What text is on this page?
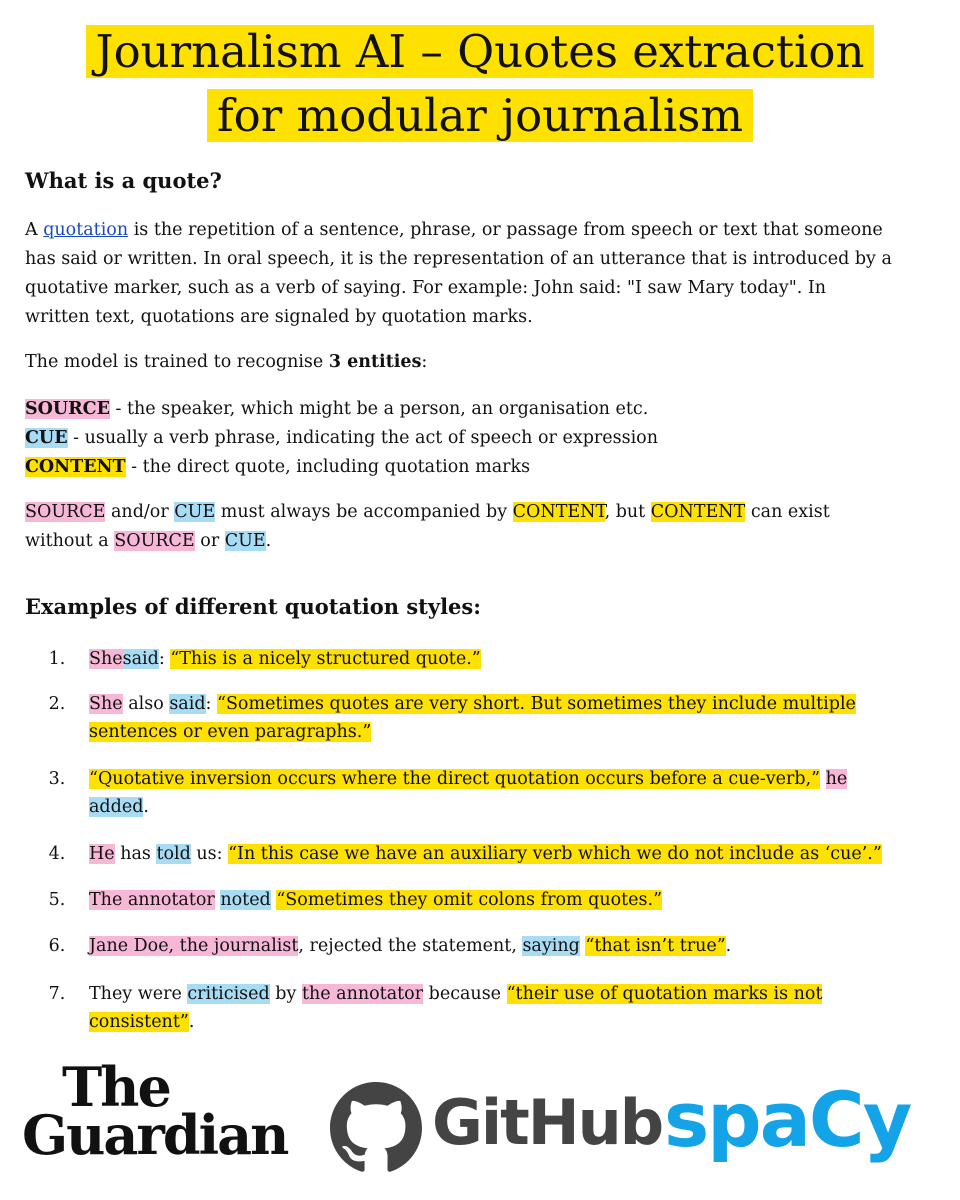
Journalism AI – Quotes extraction
for modular journalism
What is a quote?
A quotation is the repetition of a sentence, phrase, or passage from speech or text that someone
has said or written. In oral speech, it is the representation of an utterance that is introduced by a
quotative marker, such as a verb of saying. For example: John said: "I saw Mary today". In
written text, quotations are signaled by quotation marks.
The model is trained to recognise 3 entities:
SOURCE - the speaker, which might be a person, an organisation etc.
CUE - usually a verb phrase, indicating the act of speech or expression
CONTENT - the direct quote, including quotation marks
SOURCE and/or CUE must always be accompanied by CONTENT, but CONTENT can exist
without a SOURCE or CUE.
Examples of different quotation styles:
1. Shesaid: “This is a nicely structured quote.”
2. She also said: “Sometimes quotes are very short. But sometimes they include multiple
sentences or even paragraphs.”
3. “Quotative inversion occurs where the direct quotation occurs before a cue-verb,” he
added.
4. He has told us: “In this case we have an auxiliary verb which we do not include as ‘cue’.”
5. The annotator noted “Sometimes they omit colons from quotes.”
6. Jane Doe, the journalist, rejected the statement, saying “that isn’t true”.
7. They were criticised by the annotator because “their use of quotation marks is not
consistent”.
The
Guardian GitHub spaCy
